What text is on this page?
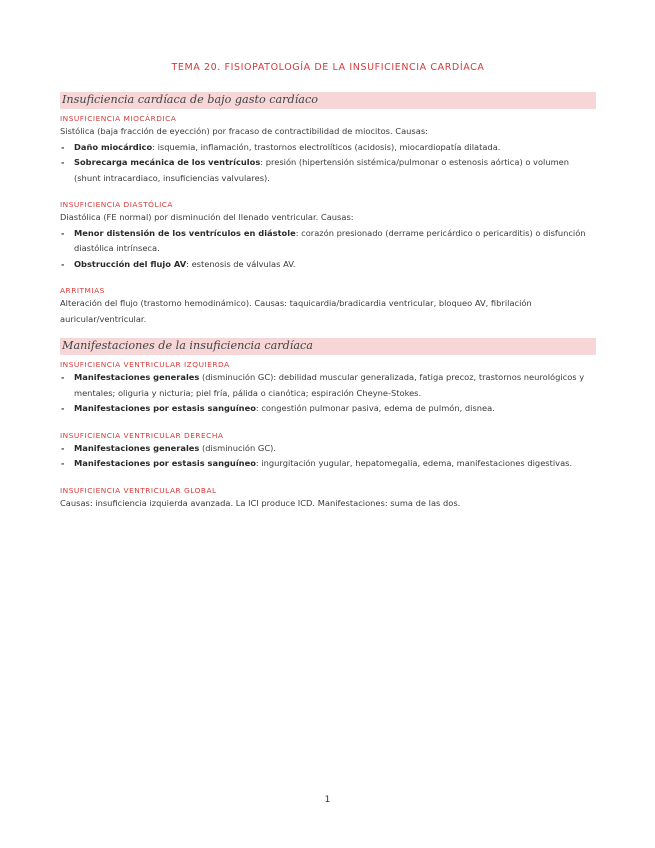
TEMA 20. FISIOPATOLOGÍA DE LA INSUFICIENCIA CARDÍACA
Insuficiencia cardíaca de bajo gasto cardíaco
INSUFICIENCIA MIOCÁRDICA

Sistólica (baja fracción de eyección) por fracaso de contractibilidad de miocitos. Causas:

- Daño miocárdico: isquemia, inflamación, trastornos electrolíticos (acidosis), miocardiopatía dilatada.
- Sobrecarga mecánica de los ventrículos: presión (hipertensión sistémica/pulmonar o estenosis aórtica) o volumen (shunt intracardiaco, insuficiencias valvulares).
INSUFICIENCIA DIASTÓLICA

Diastólica (FE normal) por disminución del llenado ventricular. Causas:

- Menor distensión de los ventrículos en diástole: corazón presionado (derrame pericárdico o pericarditis) o disfunción diastólica intrínseca.
- Obstrucción del flujo AV: estenosis de válvulas AV.
ARRITMIAS

Alteración del flujo (trastorno hemodinámico). Causas: taquicardia/bradicardia ventricular, bloqueo AV, fibrilación auricular/ventricular.

Manifestaciones de la insuficiencia cardíaca
INSUFICIENCIA VENTRICULAR IZQUIERDA
- Manifestaciones generales (disminución GC): debilidad muscular generalizada, fatiga precoz, trastornos neurológicos y mentales; oliguria y nicturia; piel fría, pálida o cianótica; espiración Cheyne-Stokes.
- Manifestaciones por estasis sanguíneo: congestión pulmonar pasiva, edema de pulmón, disnea.
INSUFICIENCIA VENTRICULAR DERECHA
- Manifestaciones generales (disminución GC).
- Manifestaciones por estasis sanguíneo: ingurgitación yugular, hepatomegalia, edema, manifestaciones digestivas.
INSUFICIENCIA VENTRICULAR GLOBAL

Causas: insuficiencia izquierda avanzada. La ICI produce ICD. Manifestaciones: suma de las dos.

1
